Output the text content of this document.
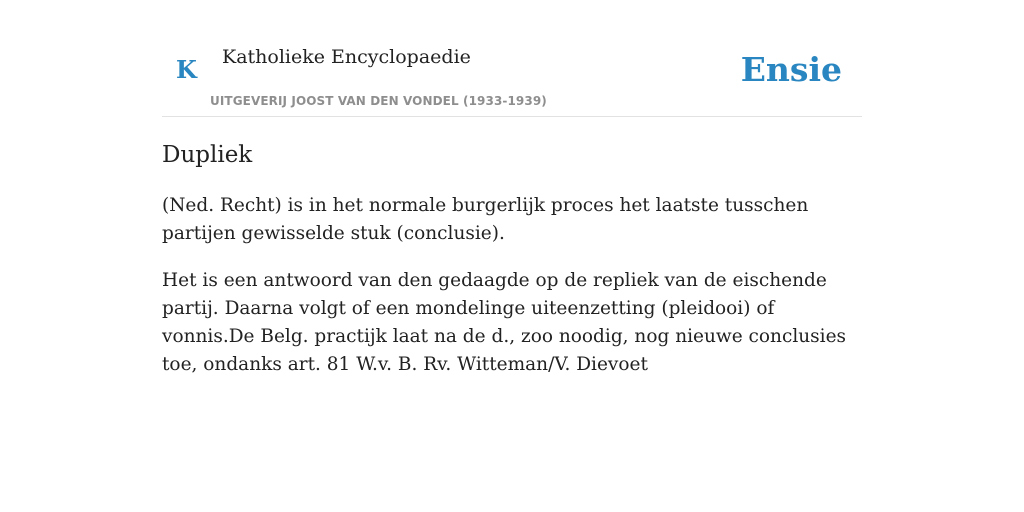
K Katholieke Encyclopaedie
UITGEVERIJ JOOST VAN DEN VONDEL (1933-1939)
Ensie
Dupliek

(Ned. Recht) is in het normale burgerlijk proces het laatste tusschen partijen gewisselde stuk (conclusie).

Het is een antwoord van den gedaagde op de repliek van de eischende partij. Daarna volgt of een mondelinge uiteenzetting (pleidooi) of vonnis.De Belg. practijk laat na de d., zoo noodig, nog nieuwe conclusies toe, ondanks art. 81 W.v. B. Rv. Witteman/V. Dievoet
